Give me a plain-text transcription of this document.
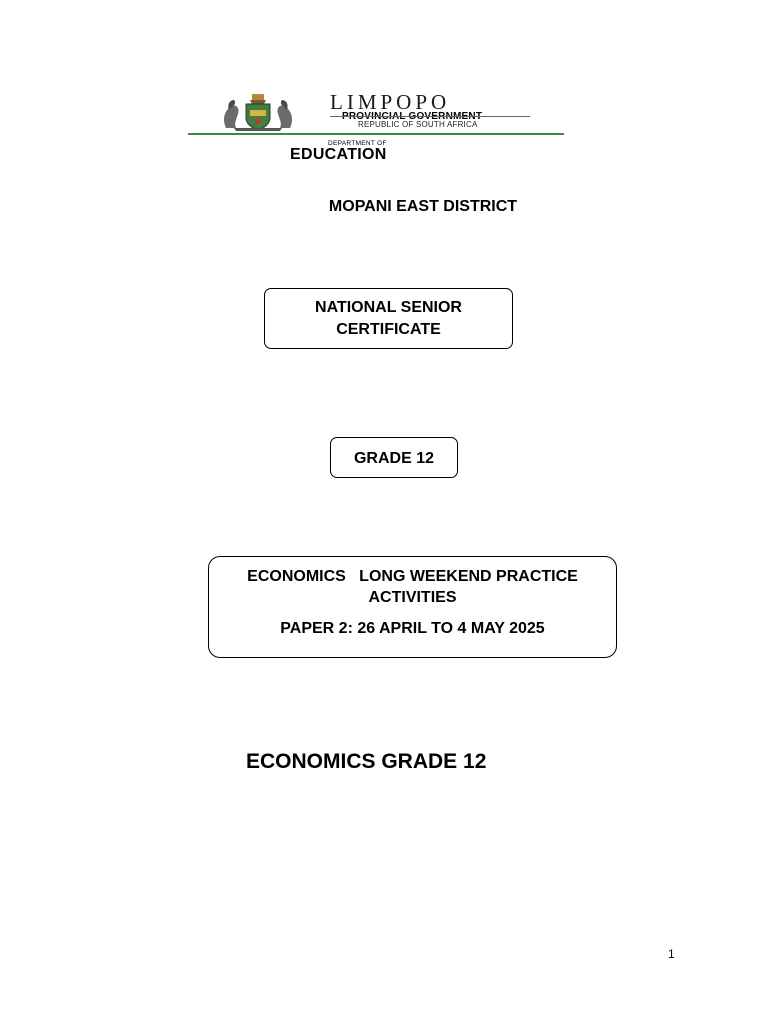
LIMPOPO
REPUBLIC OF SOUTH AFRICA
DEPARTMENT OF
EDUCATION
MOPANI EAST DISTRICT
NATIONAL SENIOR
CERTIFICATE
GRADE 12
ECONOMICS   LONG WEEKEND PRACTICE
ACTIVITIES
PAPER 2: 26 APRIL TO 4 MAY 2025
ECONOMICS GRADE 12
1
